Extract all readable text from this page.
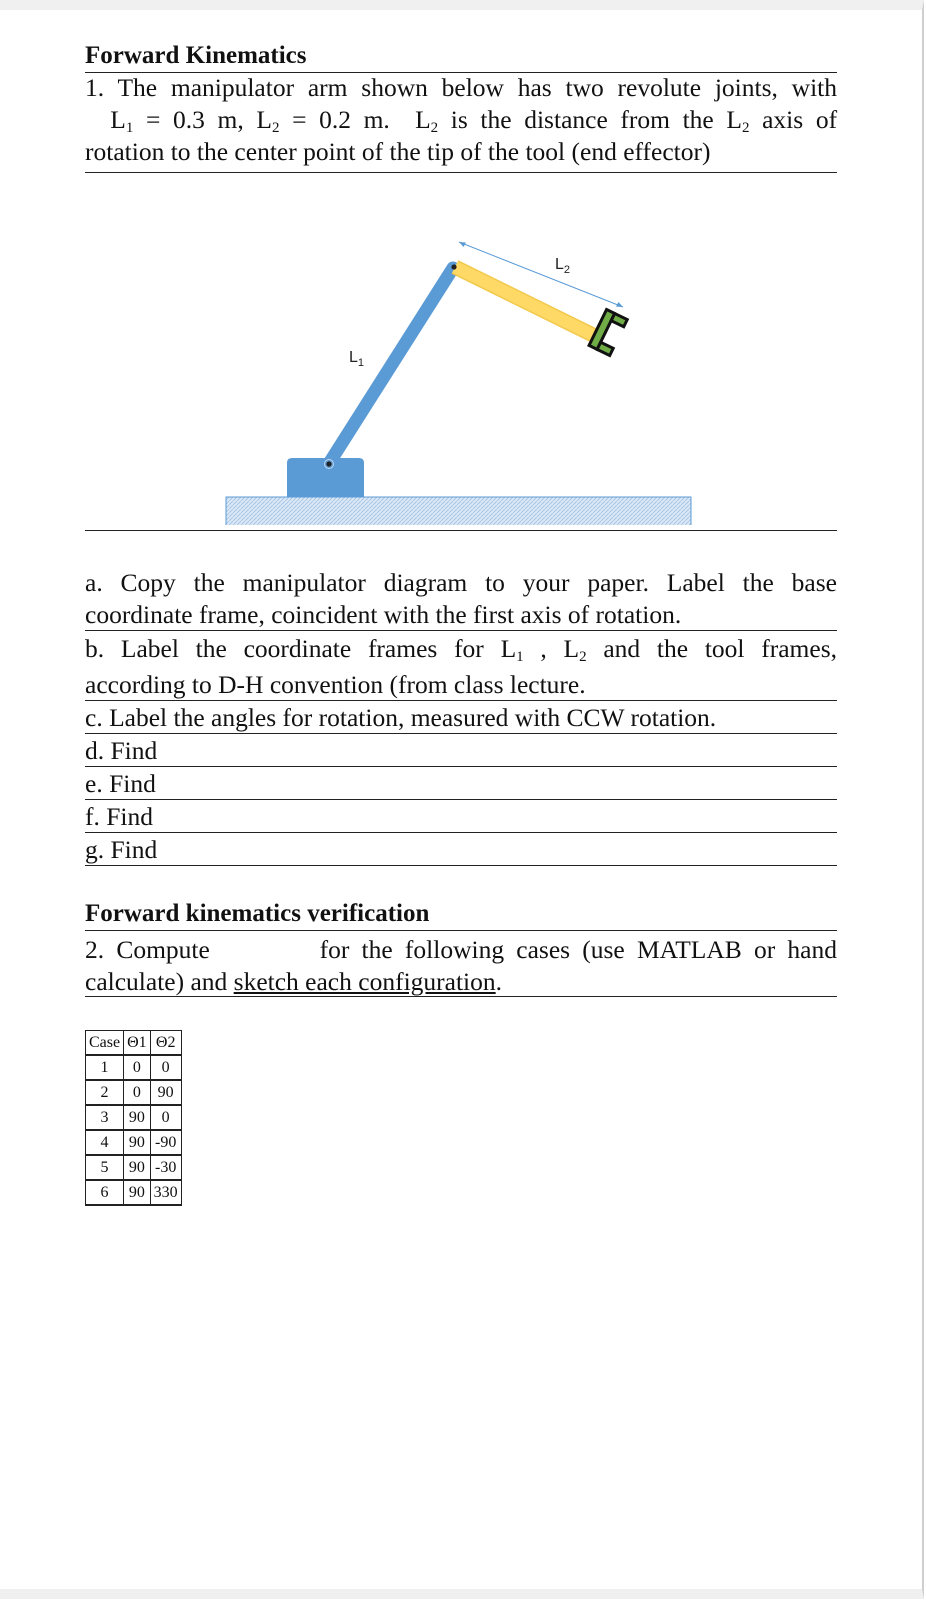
Forward Kinematics
1. The manipulator arm shown below has two revolute joints, with
$L_1 = 0.3$ m, $L_2 = 0.2$ m. $L_2$ is the distance from the $L_2$ axis of
rotation to the center point of the tip of the tool (end effector)
$L_2$
$L_1$
a. Copy the manipulator diagram to your paper. Label the base
coordinate frame, coincident with the first axis of rotation.
b. Label the coordinate frames for $L_1$ , $L_2$ and the tool frames,
according to D-H convention (from class lecture.
c. Label the angles for rotation, measured with CCW rotation.
d. Find
e. Find
f. Find
g. Find
Forward kinematics verification
2. Compute	for the following cases (use MATLAB or hand
calculate) and sketch each configuration.
Case	Θ1	Θ2
1	0	0
2	0	90
3	90	0
4	90	-90
5	90	-30
6	90	330
